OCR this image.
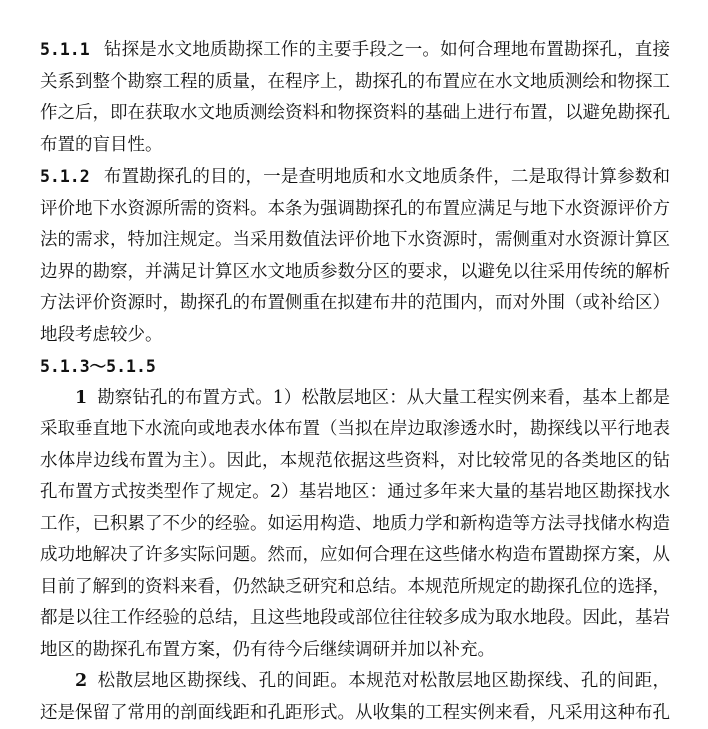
5.1.1 钻探是水文地质勘探工作的主要手段之一。如何合理地布置勘探孔，直接关系到整个勘察工程的质量，在程序上，勘探孔的布置应在水文地质测绘和物探工作之后，即在获取水文地质测绘资料和物探资料的基础上进行布置，以避免勘探孔布置的盲目性。

5.1.2 布置勘探孔的目的，一是查明地质和水文地质条件，二是取得计算参数和评价地下水资源所需的资料。本条为强调勘探孔的布置应满足与地下水资源评价方法的需求，特加注规定。当采用数值法评价地下水资源时，需侧重对水资源计算区边界的勘察，并满足计算区水文地质参数分区的要求，以避免以往采用传统的解析方法评价资源时，勘探孔的布置侧重在拟建布井的范围内，而对外围（或补给区）地段考虑较少。

5.1.3～5.1.5

1 勘察钻孔的布置方式。1）松散层地区：从大量工程实例来看，基本上都是采取垂直地下水流向或地表水体布置（当拟在岸边取渗透水时，勘探线以平行地表水体岸边线布置为主）。因此，本规范依据这些资料，对比较常见的各类地区的钻孔布置方式按类型作了规定。2）基岩地区：通过多年来大量的基岩地区勘探找水工作，已积累了不少的经验。如运用构造、地质力学和新构造等方法寻找储水构造成功地解决了许多实际问题。然而，应如何合理在这些储水构造布置勘探方案，从目前了解到的资料来看，仍然缺乏研究和总结。本规范所规定的勘探孔位的选择，都是以往工作经验的总结，且这些地段或部位往往较多成为取水地段。因此，基岩地区的勘探孔布置方案，仍有待今后继续调研并加以补充。

2 松散层地区勘探线、孔的间距。本规范对松散层地区勘探线、孔的间距，还是保留了常用的剖面线距和孔距形式。从收集的工程实例来看，凡采用这种布孔
